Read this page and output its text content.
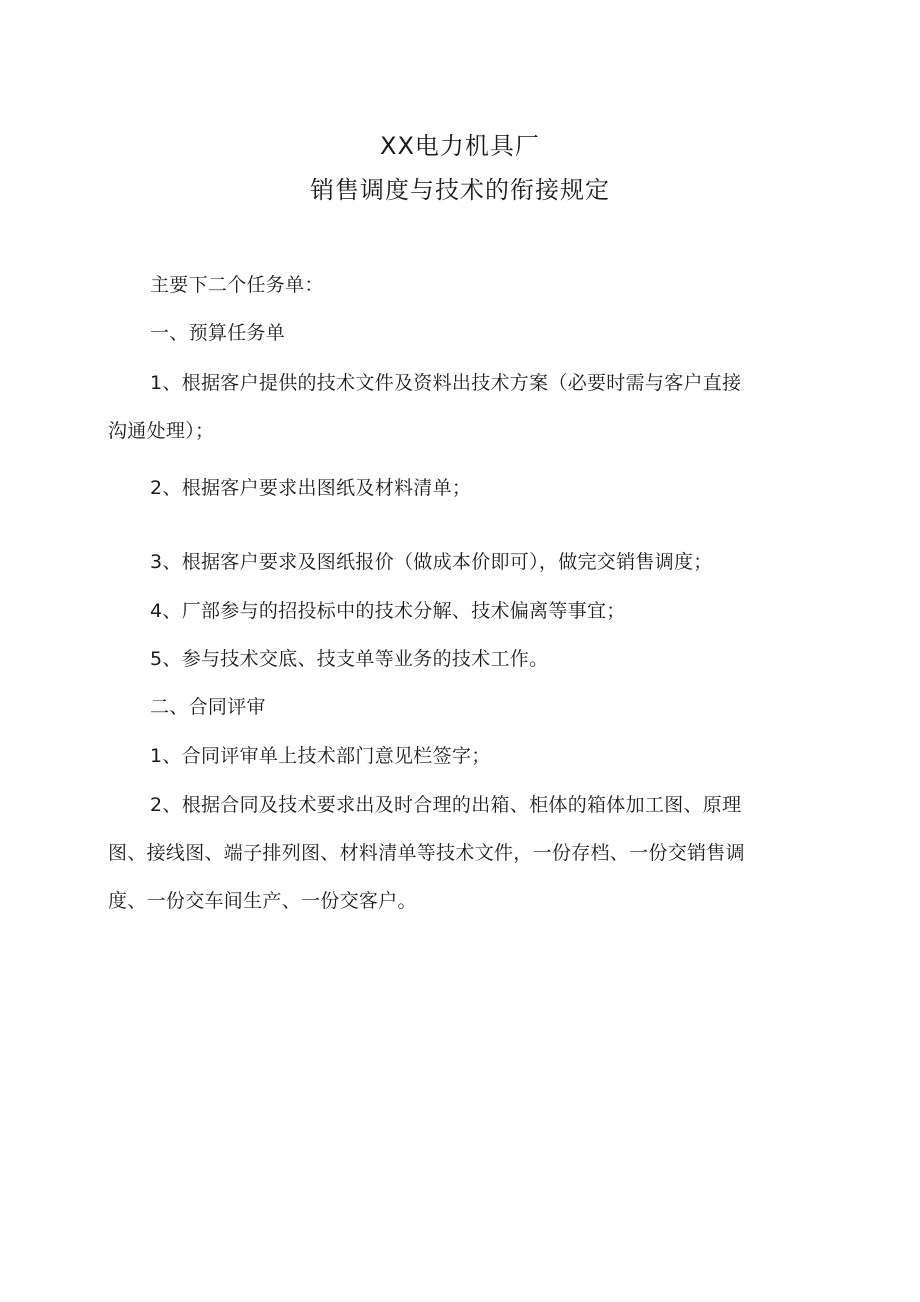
XX电力机具厂
销售调度与技术的衔接规定
主要下二个任务单：
一、预算任务单
1、根据客户提供的技术文件及资料出技术方案（必要时需与客户直接
沟通处理）；
2、根据客户要求出图纸及材料清单；
3、根据客户要求及图纸报价（做成本价即可），做完交销售调度；
4、厂部参与的招投标中的技术分解、技术偏离等事宜；
5、参与技术交底、技支单等业务的技术工作。
二、合同评审
1、合同评审单上技术部门意见栏签字；
2、根据合同及技术要求出及时合理的出箱、柜体的箱体加工图、原理
图、接线图、端子排列图、材料清单等技术文件，一份存档、一份交销售调
度、一份交车间生产、一份交客户。
